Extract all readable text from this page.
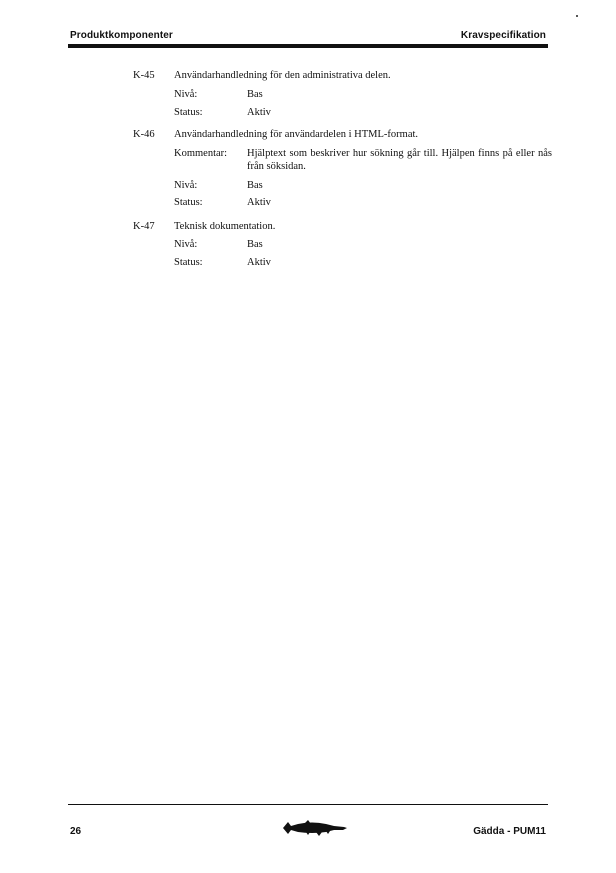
Produktkomponenter	Kravspecifikation
K-45 Användarhandledning för den administrativa delen.
Nivå:	Bas
Status:	Aktiv
K-46 Användarhandledning för användardelen i HTML-format.
Kommentar: Hjälptext som beskriver hur sökning går till. Hjälpen finns på eller nås från söksidan.
Nivå:	Bas
Status:	Aktiv
K-47 Teknisk dokumentation.
Nivå:	Bas
Status:	Aktiv
26	Gädda - PUM11
